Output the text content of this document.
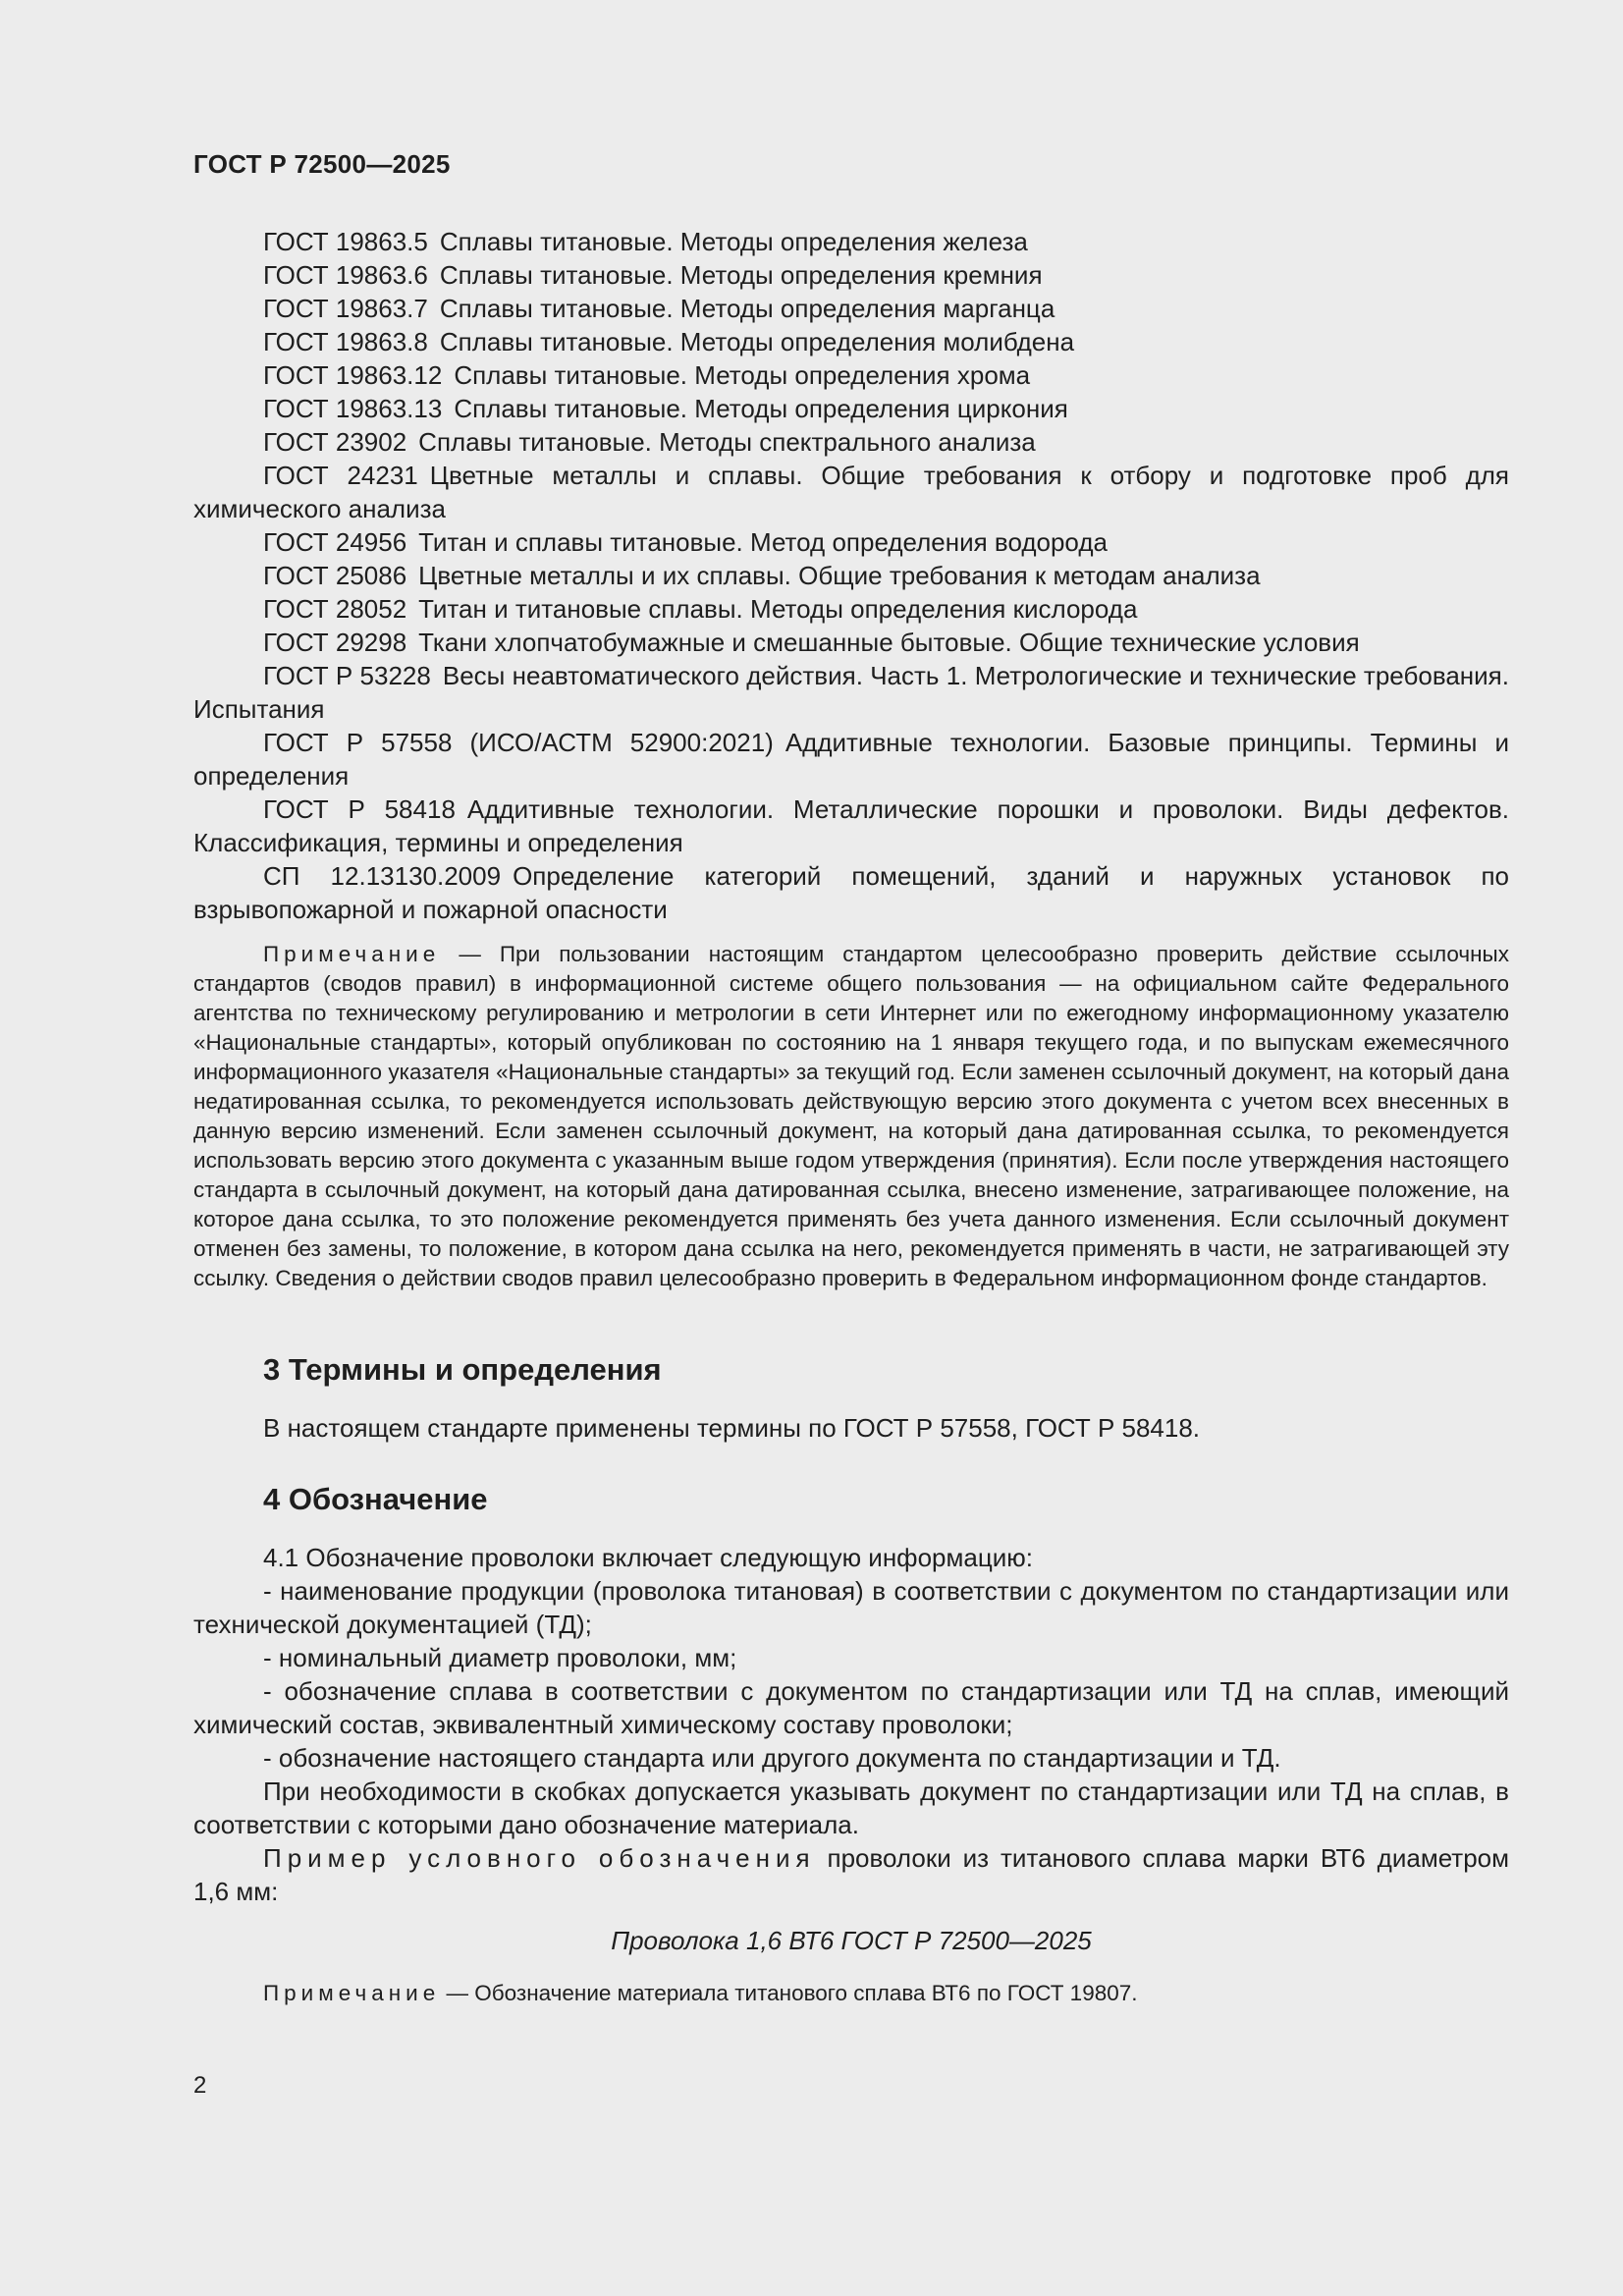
ГОСТ Р 72500—2025

ГОСТ 19863.5 Сплавы титановые. Методы определения железа

ГОСТ 19863.6 Сплавы титановые. Методы определения кремния

ГОСТ 19863.7 Сплавы титановые. Методы определения марганца

ГОСТ 19863.8 Сплавы титановые. Методы определения молибдена

ГОСТ 19863.12 Сплавы титановые. Методы определения хрома

ГОСТ 19863.13 Сплавы титановые. Методы определения циркония

ГОСТ 23902 Сплавы титановые. Методы спектрального анализа

ГОСТ 24231 Цветные металлы и сплавы. Общие требования к отбору и подготовке проб для химического анализа

ГОСТ 24956 Титан и сплавы титановые. Метод определения водорода

ГОСТ 25086 Цветные металлы и их сплавы. Общие требования к методам анализа

ГОСТ 28052 Титан и титановые сплавы. Методы определения кислорода

ГОСТ 29298 Ткани хлопчатобумажные и смешанные бытовые. Общие технические условия

ГОСТ Р 53228 Весы неавтоматического действия. Часть 1. Метрологические и технические требования. Испытания

ГОСТ Р 57558 (ИСО/АСТМ 52900:2021) Аддитивные технологии. Базовые принципы. Термины и определения

ГОСТ Р 58418 Аддитивные технологии. Металлические порошки и проволоки. Виды дефектов. Классификация, термины и определения

СП 12.13130.2009 Определение категорий помещений, зданий и наружных установок по взрывопожарной и пожарной опасности

Примечание — При пользовании настоящим стандартом целесообразно проверить действие ссылочных стандартов (сводов правил) в информационной системе общего пользования — на официальном сайте Федерального агентства по техническому регулированию и метрологии в сети Интернет или по ежегодному информационному указателю «Национальные стандарты», который опубликован по состоянию на 1 января текущего года, и по выпускам ежемесячного информационного указателя «Национальные стандарты» за текущий год. Если заменен ссылочный документ, на который дана недатированная ссылка, то рекомендуется использовать действующую версию этого документа с учетом всех внесенных в данную версию изменений. Если заменен ссылочный документ, на который дана датированная ссылка, то рекомендуется использовать версию этого документа с указанным выше годом утверждения (принятия). Если после утверждения настоящего стандарта в ссылочный документ, на который дана датированная ссылка, внесено изменение, затрагивающее положение, на которое дана ссылка, то это положение рекомендуется применять без учета данного изменения. Если ссылочный документ отменен без замены, то положение, в котором дана ссылка на него, рекомендуется применять в части, не затрагивающей эту ссылку. Сведения о действии сводов правил целесообразно проверить в Федеральном информационном фонде стандартов.

3 Термины и определения

В настоящем стандарте применены термины по ГОСТ Р 57558, ГОСТ Р 58418.

4 Обозначение

4.1 Обозначение проволоки включает следующую информацию:

- наименование продукции (проволока титановая) в соответствии с документом по стандартизации или технической документацией (ТД);

- номинальный диаметр проволоки, мм;

- обозначение сплава в соответствии с документом по стандартизации или ТД на сплав, имеющий химический состав, эквивалентный химическому составу проволоки;

- обозначение настоящего стандарта или другого документа по стандартизации и ТД.

При необходимости в скобках допускается указывать документ по стандартизации или ТД на сплав, в соответствии с которыми дано обозначение материала.

Пример условного обозначения проволоки из титанового сплава марки ВТ6 диаметром 1,6 мм:

Проволока 1,6 ВТ6 ГОСТ Р 72500—2025

Примечание — Обозначение материала титанового сплава ВТ6 по ГОСТ 19807.

2
